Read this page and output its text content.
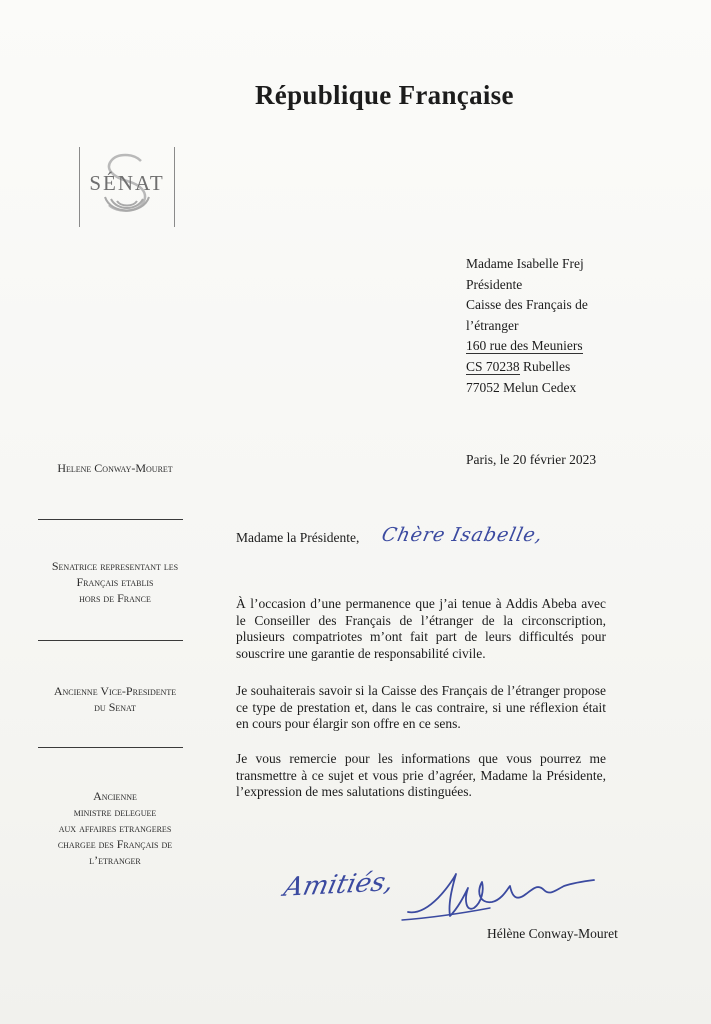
République Française
SÉNAT
Madame Isabelle Frej
Présidente
Caisse des Français de
l’étranger
160 rue des Meuniers
CS 70238 Rubelles
77052 Melun Cedex
Paris, le 20 février 2023
Helene Conway-Mouret
Senatrice representant les
Français etablis
hors de France
Ancienne Vice-Presidente
du Senat
Ancienne
ministre deleguee
aux affaires etrangeres
chargee des Français de
l’etranger
Madame la Présidente, Chère Isabelle,
À l’occasion d’une permanence que j’ai tenue à Addis Abeba avec le Conseiller des Français de l’étranger de la circonscription, plusieurs compatriotes m’ont fait part de leurs difficultés pour souscrire une garantie de responsabilité civile.
Je souhaiterais savoir si la Caisse des Français de l’étranger propose ce type de prestation et, dans le cas contraire, si une réflexion était en cours pour élargir son offre en ce sens.
Je vous remercie pour les informations que vous pourrez me transmettre à ce sujet et vous prie d’agréer, Madame la Présidente, l’expression de mes salutations distinguées.
Amitiés,
Hélène Conway-Mouret
